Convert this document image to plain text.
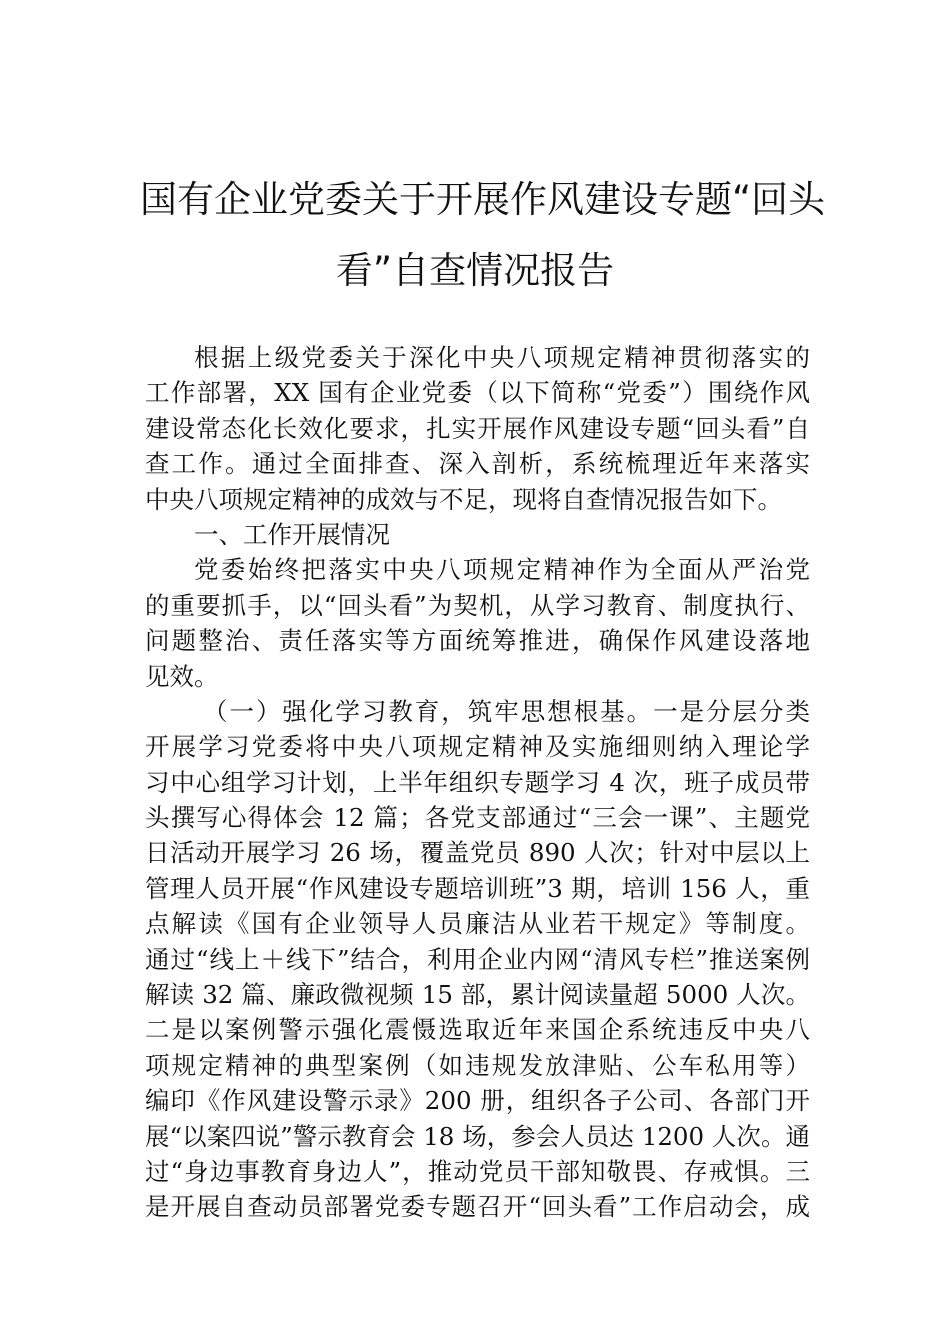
国有企业党委关于开展作风建设专题“回头
看”自查情况报告
根据上级党委关于深化中央八项规定精神贯彻落实的
工作部署，XX 国有企业党委（以下简称“党委”）围绕作风
建设常态化长效化要求，扎实开展作风建设专题“回头看”自
查工作。通过全面排查、深入剖析，系统梳理近年来落实
中央八项规定精神的成效与不足，现将自查情况报告如下。
一、工作开展情况
党委始终把落实中央八项规定精神作为全面从严治党
的重要抓手，以“回头看”为契机，从学习教育、制度执行、
问题整治、责任落实等方面统筹推进，确保作风建设落地
见效。
（一）强化学习教育，筑牢思想根基。一是分层分类
开展学习党委将中央八项规定精神及实施细则纳入理论学
习中心组学习计划，上半年组织专题学习 4 次，班子成员带
头撰写心得体会 12 篇；各党支部通过“三会一课”、主题党
日活动开展学习 26 场，覆盖党员 890 人次；针对中层以上
管理人员开展“作风建设专题培训班”3 期，培训 156 人，重
点解读《国有企业领导人员廉洁从业若干规定》等制度。
通过“线上＋线下”结合，利用企业内网“清风专栏”推送案例
解读 32 篇、廉政微视频 15 部，累计阅读量超 5000 人次。
二是以案例警示强化震慑选取近年来国企系统违反中央八
项规定精神的典型案例（如违规发放津贴、公车私用等）
编印《作风建设警示录》200 册，组织各子公司、各部门开
展“以案四说”警示教育会 18 场，参会人员达 1200 人次。通
过“身边事教育身边人”，推动党员干部知敬畏、存戒惧。三
是开展自查动员部署党委专题召开“回头看”工作启动会，成
